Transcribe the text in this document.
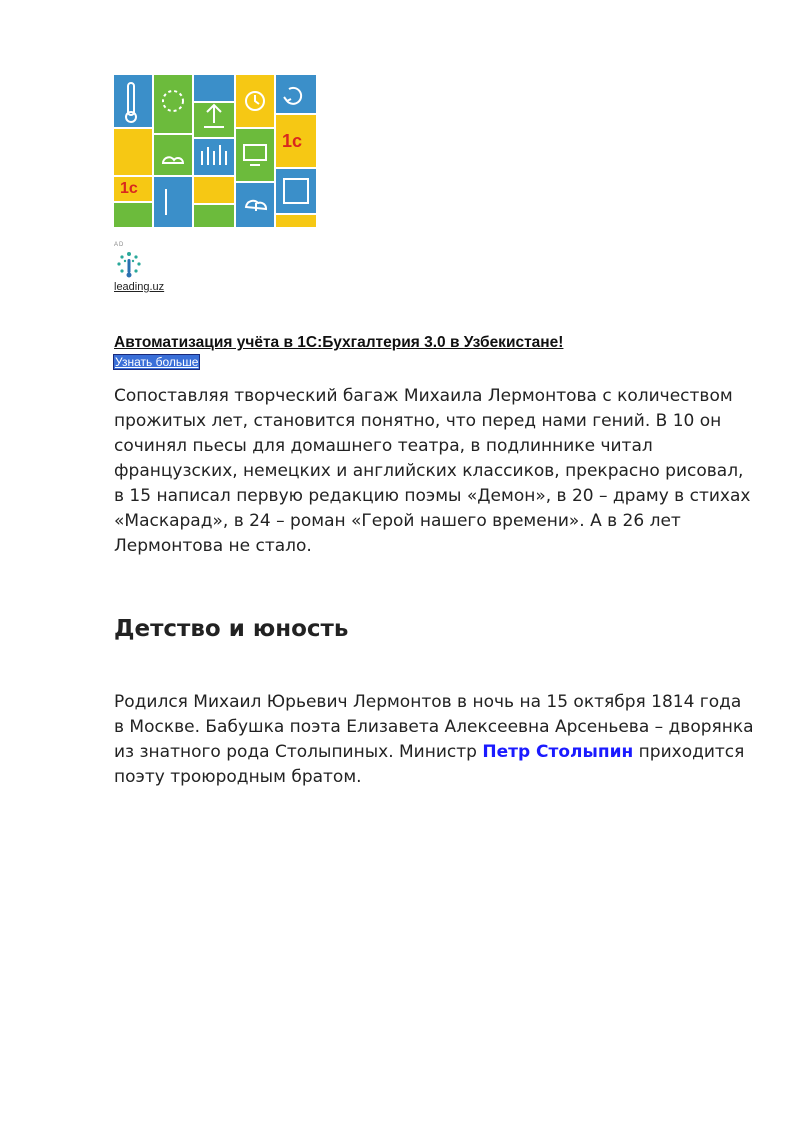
1c
1c
AD
leading.uz
Автоматизация учёта в 1С:Бухгалтерия 3.0 в Узбекистане!
Узнать больше

Сопоставляя творческий багаж Михаила Лермонтова с количеством прожитых лет, становится понятно, что перед нами гений. В 10 он сочинял пьесы для домашнего театра, в подлиннике читал французских, немецких и английских классиков, прекрасно рисовал, в 15 написал первую редакцию поэмы «Демон», в 20 – драму в стихах «Маскарад», в 24 – роман «Герой нашего времени». А в 26 лет Лермонтова не стало.

Детство и юность

Родился Михаил Юрьевич Лермонтов в ночь на 15 октября 1814 года в Москве. Бабушка поэта Елизавета Алексеевна Арсеньева – дворянка из знатного рода Столыпиных. Министр Петр Столыпин приходится поэту троюродным братом.
